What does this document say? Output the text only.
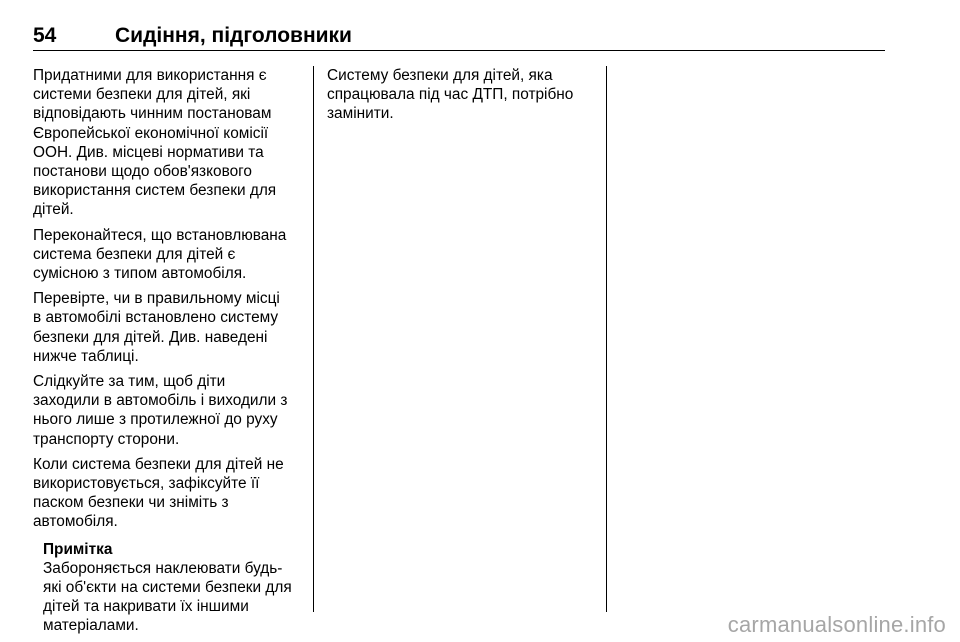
54	Сидіння, підголовники

Придатними для використання є
системи безпеки для дітей, які
відповідають чинним постановам
Європейської економічної комісії
ООН. Див. місцеві нормативи та
постанови щодо обов'язкового
використання систем безпеки для
дітей.

Переконайтеся, що встановлювана
система безпеки для дітей є
сумісною з типом автомобіля.

Перевірте, чи в правильному місці
в автомобілі встановлено систему
безпеки для дітей. Див. наведені
нижче таблиці.

Слідкуйте за тим, щоб діти
заходили в автомобіль і виходили з
нього лише з протилежної до руху
транспорту сторони.

Коли система безпеки для дітей не
використовується, зафіксуйте її
паском безпеки чи зніміть з
автомобіля.

Примітка
Забороняється наклеювати будь-
які об'єкти на системи безпеки для
дітей та накривати їх іншими
матеріалами.

Систему безпеки для дітей, яка
спрацювала під час ДТП, потрібно
замінити.

carmanualsonline.info
